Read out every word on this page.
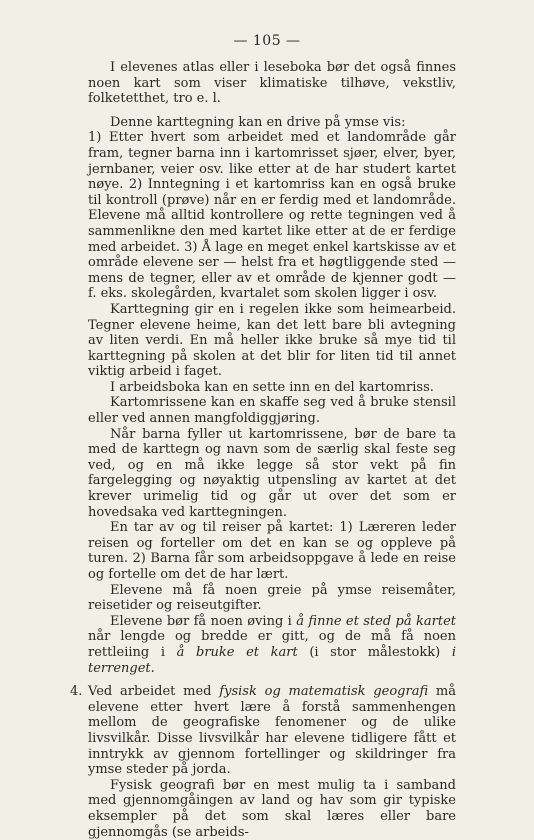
— 105 —

I elevenes atlas eller i leseboka bør det også finnes noen kart som viser klimatiske tilhøve, vekstliv, folketetthet, tro e. l.

Denne karttegning kan en drive på ymse vis:

1) Etter hvert som arbeidet med et landområde går fram, tegner barna inn i kartomrisset sjøer, elver, byer, jernbaner, veier osv. like etter at de har studert kartet nøye. 2) Inntegning i et kartomriss kan en også bruke til kontroll (prøve) når en er ferdig med et landområde. Elevene må alltid kontrollere og rette tegningen ved å sammenlikne den med kartet like etter at de er ferdige med arbeidet. 3) Å lage en meget enkel kartskisse av et område elevene ser — helst fra et høgtliggende sted — mens de tegner, eller av et område de kjenner godt — f. eks. skolegården, kvartalet som skolen ligger i osv.

Karttegning gir en i regelen ikke som heimearbeid. Tegner elevene heime, kan det lett bare bli avtegning av liten verdi. En må heller ikke bruke så mye tid til karttegning på skolen at det blir for liten tid til annet viktig arbeid i faget.

I arbeidsboka kan en sette inn en del kartomriss.

Kartomrissene kan en skaffe seg ved å bruke stensil eller ved annen mangfoldiggjøring.

Når barna fyller ut kartomrissene, bør de bare ta med de karttegn og navn som de særlig skal feste seg ved, og en må ikke legge så stor vekt på fin fargelegging og nøyaktig utpensling av kartet at det krever urimelig tid og går ut over det som er hovedsaka ved karttegningen.

En tar av og til reiser på kartet: 1) Læreren leder reisen og forteller om det en kan se og oppleve på turen. 2) Barna får som arbeidsoppgave å lede en reise og fortelle om det de har lært.

Elevene må få noen greie på ymse reisemåter, reisetider og reiseutgifter.

Elevene bør få noen øving i å finne et sted på kartet når lengde og bredde er gitt, og de må få noen rettleiing i å bruke et kart (i stor målestokk) i terrenget.

4. Ved arbeidet med fysisk og matematisk geografi må elevene etter hvert lære å forstå sammenhengen mellom de geografiske fenomener og de ulike livsvilkår. Disse livsvilkår har elevene tidligere fått et inntrykk av gjennom fortellinger og skildringer fra ymse steder på jorda.

Fysisk geografi bør en mest mulig ta i samband med gjennomgåingen av land og hav som gir typiske eksempler på det som skal læres eller bare gjennomgås (se arbeids-
